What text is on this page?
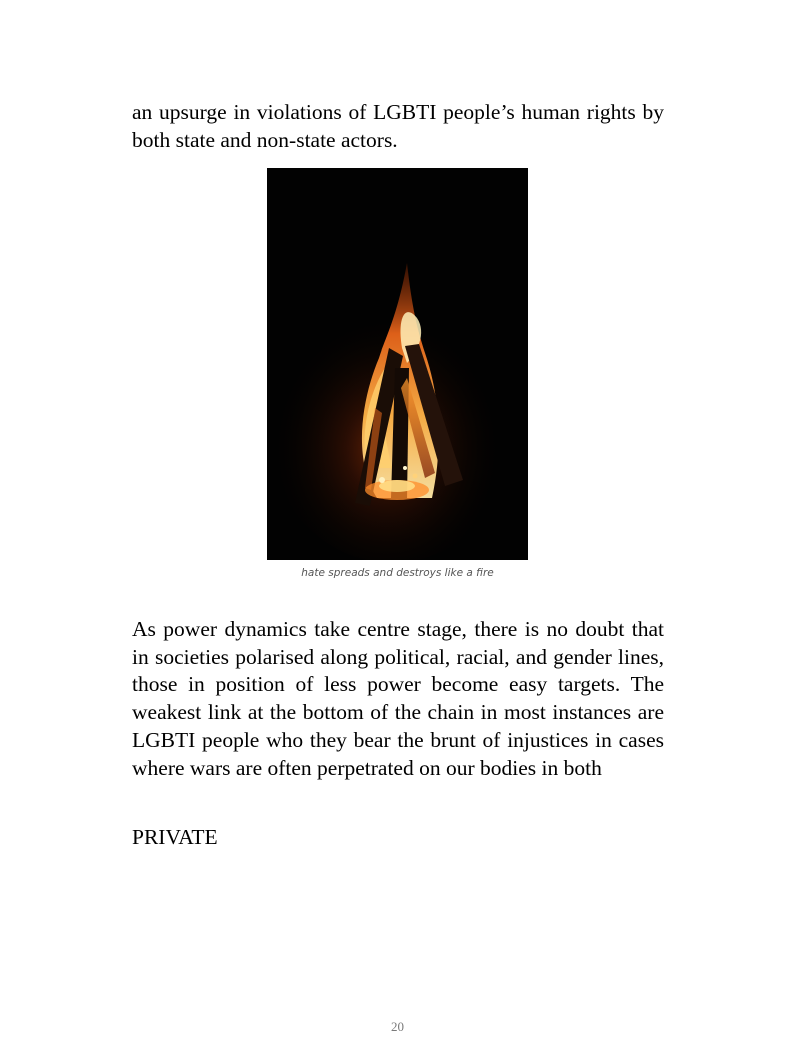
an upsurge in violations of LGBTI people’s human rights by both state and non-state actors.

hate spreads and destroys like a fire

As power dynamics take centre stage, there is no doubt that in societies polarised along political, racial, and gender lines, those in position of less power become easy targets. The weakest link at the bottom of the chain in most instances are LGBTI people who they bear the brunt of injustices in cases where wars are often perpetrated on our bodies in both

PRIVATE

20
